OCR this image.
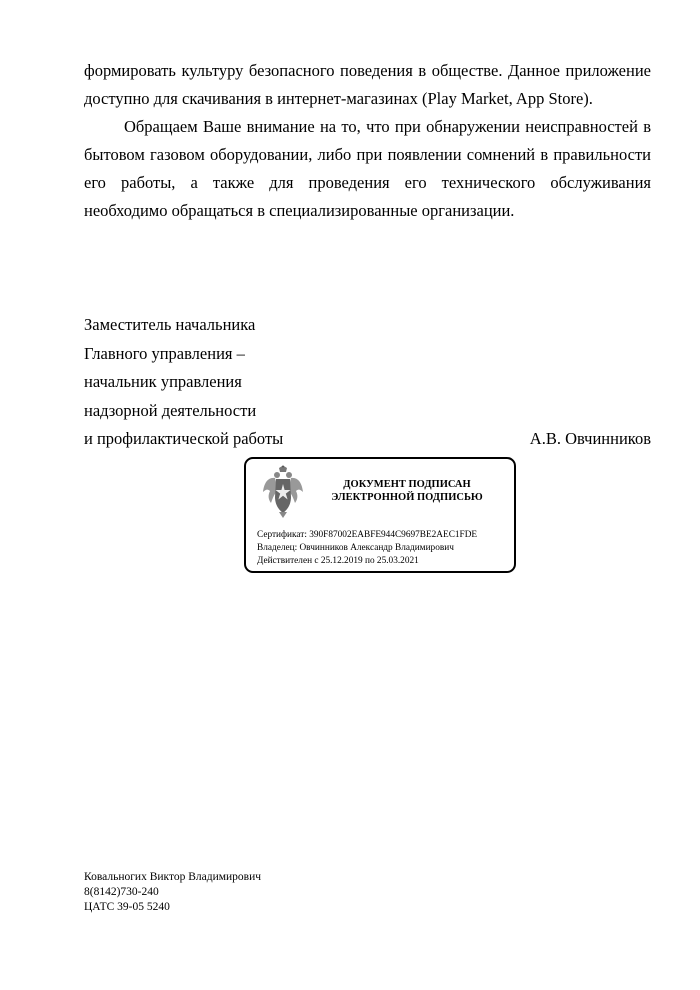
формировать культуру безопасного поведения в обществе. Данное приложение доступно для скачивания в интернет-магазинах (Play Market, App Store).

Обращаем Ваше внимание на то, что при обнаружении неисправностей в бытовом газовом оборудовании, либо при появлении сомнений в правильности его работы, а также для проведения его технического обслуживания необходимо обращаться в специализированные организации.

Заместитель начальника
Главного управления –
начальник управления
надзорной деятельности
и профилактической работы	А.В. Овчинников
ДОКУМЕНТ ПОДПИСАН
ЭЛЕКТРОННОЙ ПОДПИСЬЮ
Сертификат: 390F87002EABFE944C9697BE2AEC1FDE
Владелец: Овчинников Александр Владимирович
Действителен с 25.12.2019 по 25.03.2021
Ковальногих Виктор Владимирович
8(8142)730-240
ЦАТС 39-05 5240
